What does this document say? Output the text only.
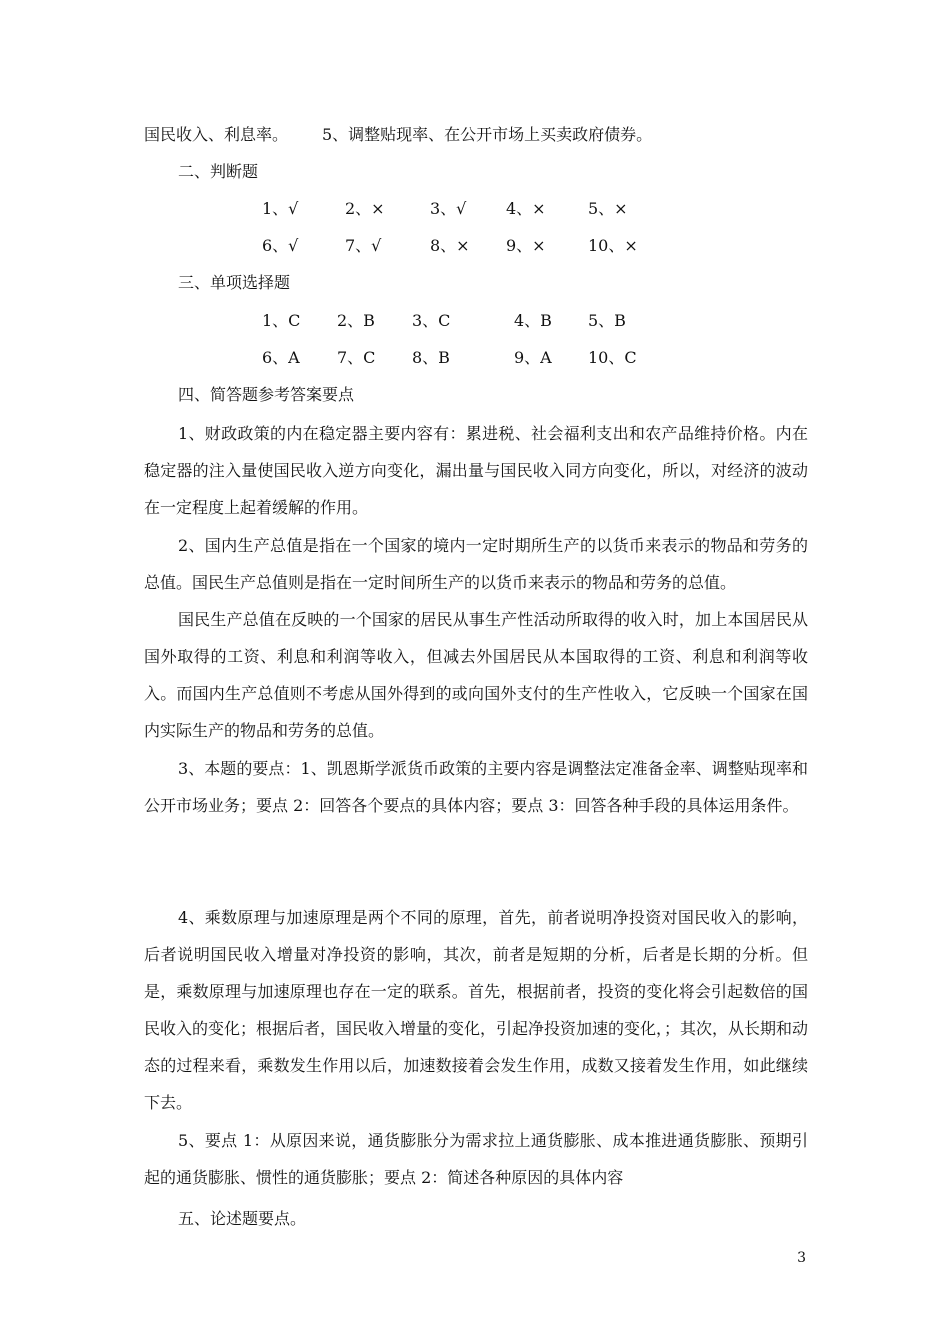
国民收入、利息率。 5、调整贴现率、在公开市场上买卖政府债券。
二、判断题
1、√	2、×	3、√ 4、×	5、×
6、√	7、√	8、× 9、×	10、×
三、单项选择题
1、C 2、B 3、C	4、B 5、B
6、A 7、C 8、B	9、A 10、C
四、简答题参考答案要点
1、财政政策的内在稳定器主要内容有：累进税、社会福利支出和农产品维持价格。内在稳定器的注入量使国民收入逆方向变化，漏出量与国民收入同方向变化，所以，对经济的波动在一定程度上起着缓解的作用。
2、国内生产总值是指在一个国家的境内一定时期所生产的以货币来表示的物品和劳务的总值。国民生产总值则是指在一定时间所生产的以货币来表示的物品和劳务的总值。
国民生产总值在反映的一个国家的居民从事生产性活动所取得的收入时，加上本国居民从国外取得的工资、利息和利润等收入，但减去外国居民从本国取得的工资、利息和利润等收入。而国内生产总值则不考虑从国外得到的或向国外支付的生产性收入，它反映一个国家在国内实际生产的物品和劳务的总值。
3、本题的要点：1、凯恩斯学派货币政策的主要内容是调整法定准备金率、调整贴现率和公开市场业务；要点 2：回答各个要点的具体内容；要点 3：回答各种手段的具体运用条件。
4、乘数原理与加速原理是两个不同的原理，首先，前者说明净投资对国民收入的影响，后者说明国民收入增量对净投资的影响，其次，前者是短期的分析，后者是长期的分析。但是，乘数原理与加速原理也存在一定的联系。首先，根据前者，投资的变化将会引起数倍的国民收入的变化；根据后者，国民收入增量的变化，引起净投资加速的变化，；其次，从长期和动态的过程来看，乘数发生作用以后，加速数接着会发生作用，成数又接着发生作用，如此继续下去。
5、要点 1：从原因来说，通货膨胀分为需求拉上通货膨胀、成本推进通货膨胀、预期引起的通货膨胀、惯性的通货膨胀；要点 2：简述各种原因的具体内容
五、论述题要点。
3
